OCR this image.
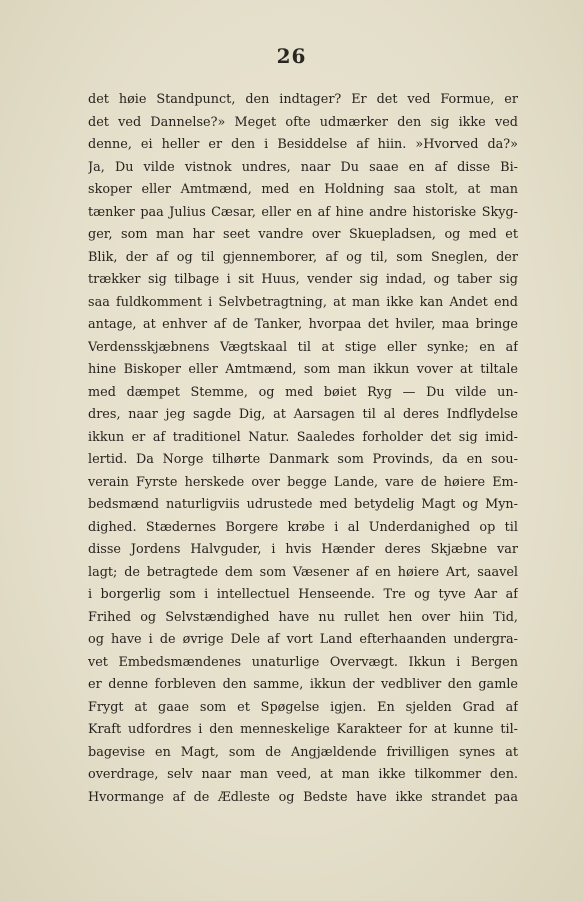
26
det høie Standpunct, den indtager? Er det ved Formue, er
det ved Dannelse?» Meget ofte udmærker den sig ikke ved
denne, ei heller er den i Besiddelse af hiin. »Hvorved da?»
Ja, Du vilde vistnok undres, naar Du saae en af disse Bi-
skoper eller Amtmænd, med en Holdning saa stolt, at man
tænker paa Julius Cæsar, eller en af hine andre historiske Skyg-
ger, som man har seet vandre over Skuepladsen, og med et
Blik, der af og til gjennemborer, af og til, som Sneglen, der
trækker sig tilbage i sit Huus, vender sig indad, og taber sig
saa fuldkomment i Selvbetragtning, at man ikke kan Andet end
antage, at enhver af de Tanker, hvorpaa det hviler, maa bringe
Verdensskjæbnens Vægtskaal til at stige eller synke; en af
hine Biskoper eller Amtmænd, som man ikkun vover at tiltale
med dæmpet Stemme, og med bøiet Ryg — Du vilde un-
dres, naar jeg sagde Dig, at Aarsagen til al deres Indflydelse
ikkun er af traditionel Natur. Saaledes forholder det sig imid-
lertid. Da Norge tilhørte Danmark som Provinds, da en sou-
verain Fyrste herskede over begge Lande, vare de høiere Em-
bedsmænd naturligviis udrustede med betydelig Magt og Myn-
dighed. Stædernes Borgere krøbe i al Underdanighed op til
disse Jordens Halvguder, i hvis Hænder deres Skjæbne var
lagt; de betragtede dem som Væsener af en høiere Art, saavel
i borgerlig som i intellectuel Henseende. Tre og tyve Aar af
Frihed og Selvstændighed have nu rullet hen over hiin Tid,
og have i de øvrige Dele af vort Land efterhaanden undergra-
vet Embedsmændenes unaturlige Overvægt. Ikkun i Bergen
er denne forbleven den samme, ikkun der vedbliver den gamle
Frygt at gaae som et Spøgelse igjen. En sjelden Grad af
Kraft udfordres i den menneskelige Karakteer for at kunne til-
bagevise en Magt, som de Angjældende frivilligen synes at
overdrage, selv naar man veed, at man ikke tilkommer den.
Hvormange af de Ædleste og Bedste have ikke strandet paa
